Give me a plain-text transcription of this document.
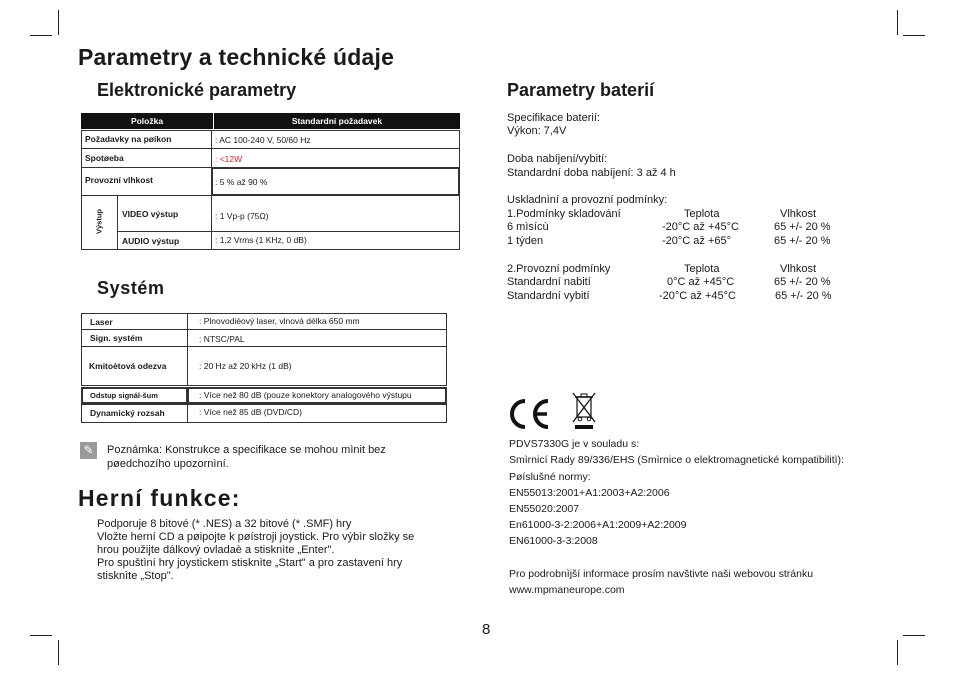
Parametry a technické údaje
Elektronické parametry
Položka	Standardní požadavek
Požadavky na pøíkon	: AC 100-240 V, 50/60 Hz
Spotøeba	: <12W
Provozní vlhkost	: 5 % až 90 %
Výstup VIDEO výstup	: 1 Vp-p (75Ω)
AUDIO výstup	: 1,2 Vrms (1 KHz, 0 dB)
Systém
Laser	: Plnovodièový laser, vlnová délka 650 mm
Sign. systém	: NTSC/PAL
Kmitoètová odezva	: 20 Hz až 20 kHz (1 dB)
Odstup signál-šum	: Více než 80 dB (pouze konektory analogového výstupu
Dynamický rozsah	: Více než 85 dB (DVD/CD)
✎	Poznámka: Konstrukce a specifikace se mohou mìnit bez
pøedchozího upozornìní.
Herní funkce:
Podporuje 8 bitové (* .NES) a 32 bitové (* .SMF) hry
Vložte herní CD a pøipojte k pøístroji joystick. Pro výbìr složky se
hrou použijte dálkový ovladaè a stisknìte „Enter".
Pro spuštìní hry joystickem stisknìte „Start" a pro zastavení hry
stisknìte „Stop".
Parametry baterií
Specifikace baterií:
Výkon: 7,4V
Doba nabíjení/vybití:
Standardní doba nabíjení: 3 až 4 h
Uskladnìní a provozní podmínky:
1.Podmínky skladování	Teplota	Vlhkost
6 mìsícù	-20°C až +45°C	65 +/- 20 %
1 týden	-20°C až +65°	65 +/- 20 %
2.Provozní podmínky	Teplota	Vlhkost
Standardní nabití	0°C až +45°C	65 +/- 20 %
Standardní vybití	-20°C až +45°C	65 +/- 20 %
PDVS7330G je v souladu s:
Smìrnicí Rady 89/336/EHS (Smìrnice o elektromagnetické kompatibilitì):
Pøíslušné normy:
EN55013:2001+A1:2003+A2:2006
EN55020:2007
En61000-3-2:2006+A1:2009+A2:2009
EN61000-3-3:2008
Pro podrobnìjší informace prosím navštivte naši webovou stránku
www.mpmaneurope.com
8
